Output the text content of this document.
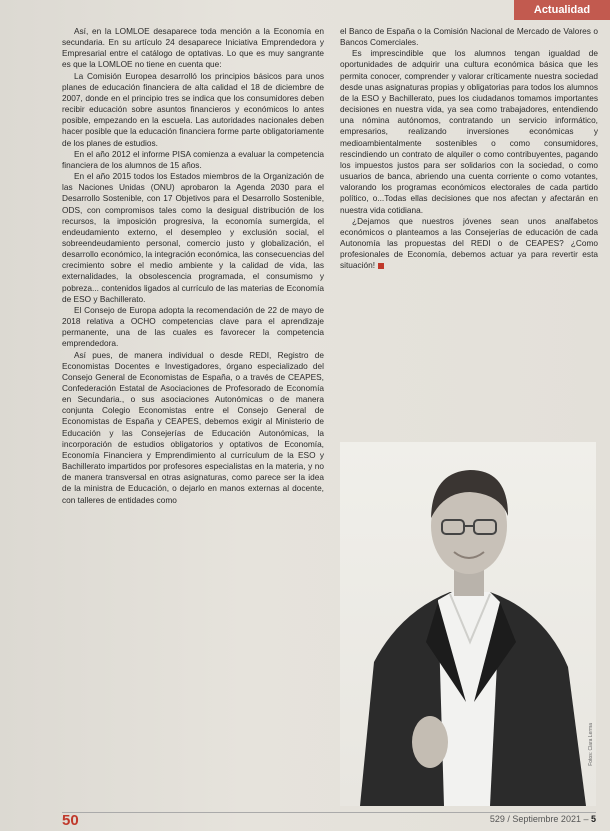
Actualidad

Así, en la LOMLOE desaparece toda mención a la Economía en secundaria. En su artículo 24 desaparece Iniciativa Emprendedora y Empresarial entre el catálogo de optativas. Lo que es muy sangrante es que la LOMLOE no tiene en cuenta que:

La Comisión Europea desarrolló los principios básicos para unos planes de educación financiera de alta calidad el 18 de diciembre de 2007, donde en el principio tres se indica que los consumidores deben recibir educación sobre asuntos financieros y económicos lo antes posible, empezando en la escuela. Las autoridades nacionales deben hacer posible que la educación financiera forme parte obligatoriamente de los planes de estudios.

En el año 2012 el informe PISA comienza a evaluar la competencia financiera de los alumnos de 15 años.

En el año 2015 todos los Estados miembros de la Organización de las Naciones Unidas (ONU) aprobaron la Agenda 2030 para el Desarrollo Sostenible, con 17 Objetivos para el Desarrollo Sostenible, ODS, con compromisos tales como la desigual distribución de los recursos, la imposición progresiva, la economía sumergida, el endeudamiento externo, el desempleo y exclusión social, el sobreendeudamiento personal, comercio justo y globalización, el desarrollo económico, la integración económica, las consecuencias del crecimiento sobre el medio ambiente y la calidad de vida, las externalidades, la obsolescencia programada, el consumismo y pobreza... contenidos ligados al currículo de las materias de Economía de ESO y Bachillerato.

El Consejo de Europa adopta la recomendación de 22 de mayo de 2018 relativa a OCHO competencias clave para el aprendizaje permanente, una de las cuales es favorecer la competencia emprendedora.

Así pues, de manera individual o desde REDI, Registro de Economistas Docentes e Investigadores, órgano especializado del Consejo General de Economistas de España, o a través de CEAPES, Confederación Estatal de Asociaciones de Profesorado de Economía en Secundaria., o sus asociaciones Autonómicas o de manera conjunta Colegio Economistas entre el Consejo General de Economistas de España y CEAPES, debemos exigir al Ministerio de Educación y las Consejerías de Educación Autonómicas, la incorporación de estudios obligatorios y optativos de Economía, Economía Financiera y Emprendimiento al currículum de la ESO y Bachillerato impartidos por profesores especialistas en la materia, y no de manera transversal en otras asignaturas, como parece ser la idea de la ministra de Educación, o dejarlo en manos externas al docente, con talleres de entidades como

el Banco de España o la Comisión Nacional de Mercado de Valores o Bancos Comerciales.

Es imprescindible que los alumnos tengan igualdad de oportunidades de adquirir una cultura económica básica que les permita conocer, comprender y valorar críticamente nuestra sociedad desde unas asignaturas propias y obligatorias para todos los alumnos de la ESO y Bachillerato, pues los ciudadanos tomamos importantes decisiones en nuestra vida, ya sea como trabajadores, entendiendo una nómina autónomos, contratando un servicio informático, empresarios, realizando inversiones económicas y medioambientalmente sostenibles o como consumidores, rescindiendo un contrato de alquiler o como contribuyentes, pagando los impuestos justos para ser solidarios con la sociedad, o como usuarios de banca, abriendo una cuenta corriente o como votantes, valorando los programas económicos electorales de cada partido político, o...Todas ellas decisiones que nos afectan y afectarán en nuestra vida cotidiana.

¿Dejamos que nuestros jóvenes sean unos analfabetos económicos o planteamos a las Consejerías de educación de cada Autonomía las propuestas del REDI o de CEAPES? ¿Como profesionales de Economía, debemos actuar ya para revertir esta situación!

Fotos: Clara Lerma
50	529 / Septiembre 2021 – 5
